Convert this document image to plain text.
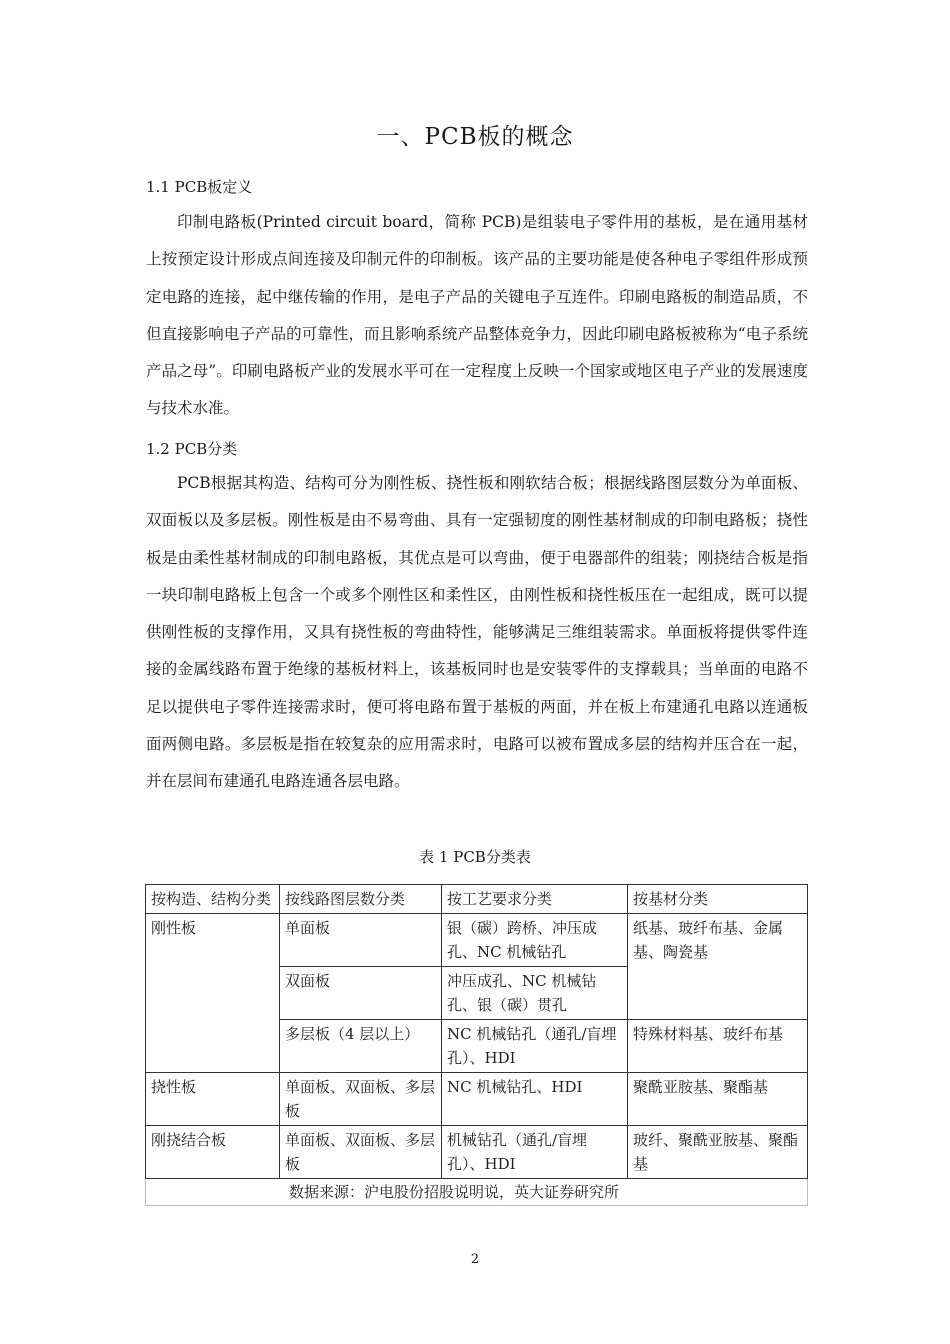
一、PCB板的概念
1.1 PCB板定义

印制电路板(Printed circuit board，简称 PCB)是组装电子零件用的基板，是在通用基材上按预定设计形成点间连接及印制元件的印制板。该产品的主要功能是使各种电子零组件形成预定电路的连接，起中继传输的作用，是电子产品的关键电子互连件。印刷电路板的制造品质，不但直接影响电子产品的可靠性，而且影响系统产品整体竞争力，因此印刷电路板被称为“电子系统产品之母”。印刷电路板产业的发展水平可在一定程度上反映一个国家或地区电子产业的发展速度与技术水准。

1.2 PCB分类

PCB根据其构造、结构可分为刚性板、挠性板和刚软结合板；根据线路图层数分为单面板、双面板以及多层板。刚性板是由不易弯曲、具有一定强韧度的刚性基材制成的印制电路板；挠性板是由柔性基材制成的印制电路板，其优点是可以弯曲，便于电器部件的组装；刚挠结合板是指一块印制电路板上包含一个或多个刚性区和柔性区，由刚性板和挠性板压在一起组成，既可以提供刚性板的支撑作用，又具有挠性板的弯曲特性，能够满足三维组装需求。单面板将提供零件连接的金属线路布置于绝缘的基板材料上，该基板同时也是安装零件的支撑载具；当单面的电路不足以提供电子零件连接需求时，便可将电路布置于基板的两面，并在板上布建通孔电路以连通板面两侧电路。多层板是指在较复杂的应用需求时，电路可以被布置成多层的结构并压合在一起，并在层间布建通孔电路连通各层电路。

表 1 PCB分类表
按构造、结构分类	按线路图层数分类	按工艺要求分类	按基材分类
刚性板	单面板	银（碳）跨桥、冲压成孔、NC 机械钻孔	纸基、玻纤布基、金属基、陶瓷基
	双面板	冲压成孔、NC 机械钻孔、银（碳）贯孔	
	多层板（4 层以上）	NC 机械钻孔（通孔/盲埋孔）、HDI	特殊材料基、玻纤布基
挠性板	单面板、双面板、多层板	NC 机械钻孔、HDI	聚酰亚胺基、聚酯基
刚挠结合板	单面板、双面板、多层板	机械钻孔（通孔/盲埋孔）、HDI	玻纤、聚酰亚胺基、聚酯基
数据来源：沪电股份招股说明说，英大证券研究所			
2
